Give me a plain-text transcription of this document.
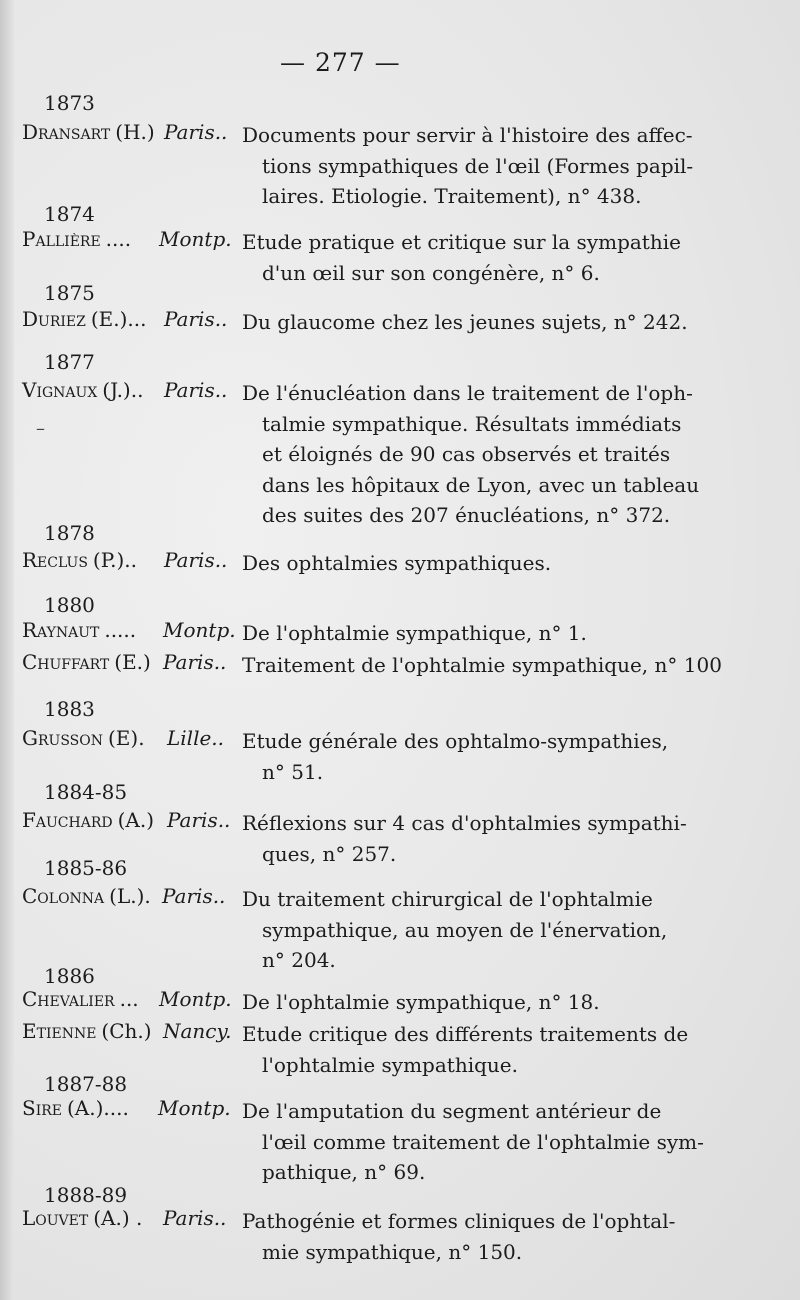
— 277 —
1873
Dransart (H.) Paris.. Documents pour servir à l'histoire des affec-
tions sympathiques de l'œil (Formes papil-
laires. Etiologie. Traitement), n° 438.
1874
Pallière .... Montp. Etude pratique et critique sur la sympathie
d'un œil sur son congénère, n° 6.
1875
Duriez (E.)... Paris.. Du glaucome chez les jeunes sujets, n° 242.
1877
Vignaux (J.).. Paris.. De l'énucléation dans le traitement de l'oph-
talmie sympathique. Résultats immédiats
et éloignés de 90 cas observés et traités
dans les hôpitaux de Lyon, avec un tableau
des suites des 207 énucléations, n° 372.
1878
Reclus (P.).. Paris.. Des ophtalmies sympathiques.
1880
Raynaut ..... Montp. De l'ophtalmie sympathique, n° 1.
Chuffart (E.) Paris.. Traitement de l'ophtalmie sympathique, n° 100
1883
Grusson (E). Lille.. Etude générale des ophtalmo-sympathies,
n° 51.
1884-85
Fauchard (A.) Paris.. Réflexions sur 4 cas d'ophtalmies sympathi-
ques, n° 257.
1885-86
Colonna (L.). Paris.. Du traitement chirurgical de l'ophtalmie
sympathique, au moyen de l'énervation,
n° 204.
1886
Chevalier ... Montp. De l'ophtalmie sympathique, n° 18.
Etienne (Ch.) Nancy. Etude critique des différents traitements de
l'ophtalmie sympathique.
1887-88
Sire (A.).... Montp. De l'amputation du segment antérieur de
l'œil comme traitement de l'ophtalmie sym-
pathique, n° 69.
1888-89
Louvet (A.) . Paris.. Pathogénie et formes cliniques de l'ophtal-
mie sympathique, n° 150.
–
